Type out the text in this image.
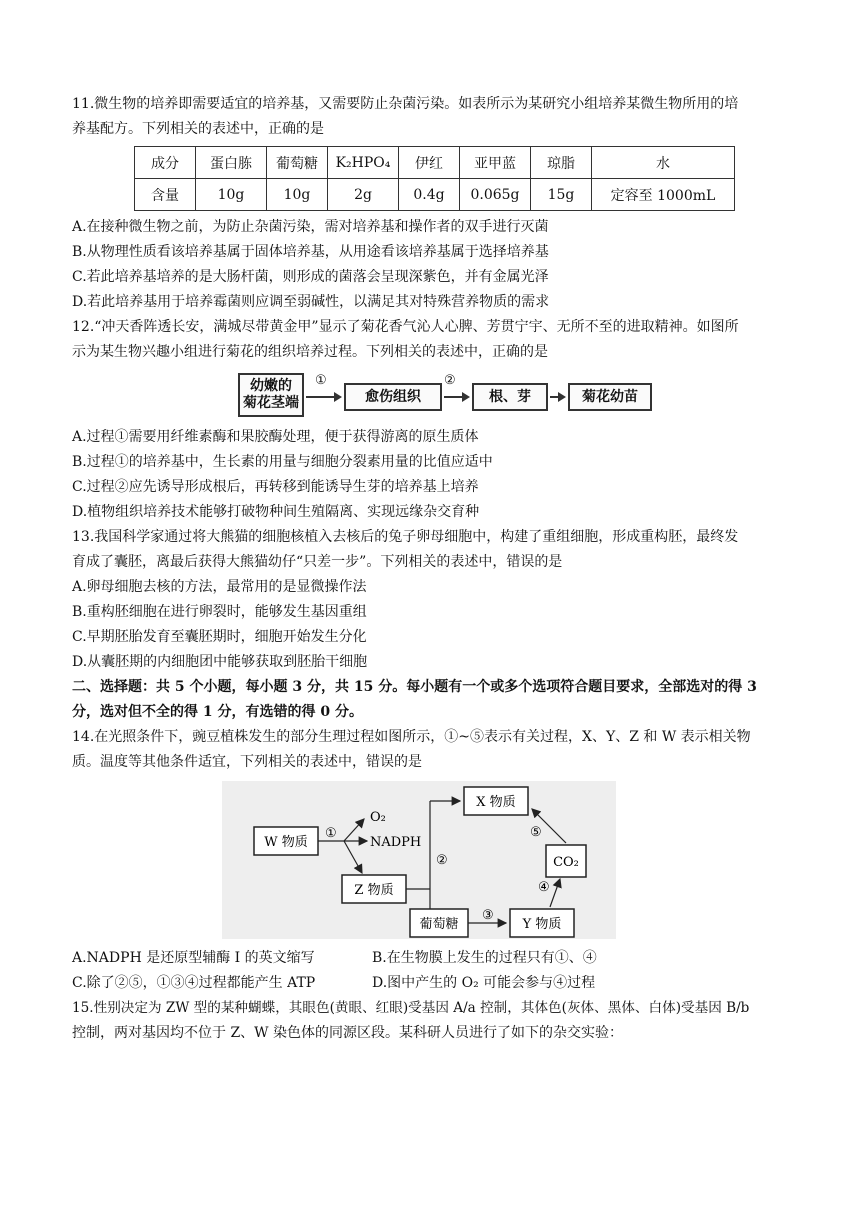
11.微生物的培养即需要适宜的培养基，又需要防止杂菌污染。如表所示为某研究小组培养某微生物所用的培

养基配方。下列相关的表述中，正确的是

成分	蛋白胨	葡萄糖	K₂HPO₄	伊红	亚甲蓝	琼脂	水
含量	10g	10g	2g	0.4g	0.065g	15g	定容至 1000mL

A.在接种微生物之前，为防止杂菌污染，需对培养基和操作者的双手进行灭菌

B.从物理性质看该培养基属于固体培养基，从用途看该培养基属于选择培养基

C.若此培养基培养的是大肠杆菌，则形成的菌落会呈现深紫色，并有金属光泽

D.若此培养基用于培养霉菌则应调至弱碱性，以满足其对特殊营养物质的需求

12.“冲天香阵透长安，满城尽带黄金甲”显示了菊花香气沁人心脾、芳贯宁宇、无所不至的进取精神。如图所

示为某生物兴趣小组进行菊花的组织培养过程。下列相关的表述中，正确的是

幼嫩的
菊花茎端
①
愈伤组织
②
根、芽	菊花幼苗

A.过程①需要用纤维素酶和果胶酶处理，便于获得游离的原生质体

B.过程①的培养基中，生长素的用量与细胞分裂素用量的比值应适中

C.过程②应先诱导形成根后，再转移到能诱导生芽的培养基上培养

D.植物组织培养技术能够打破物种间生殖隔离、实现远缘杂交育种

13.我国科学家通过将大熊猫的细胞核植入去核后的兔子卵母细胞中，构建了重组细胞，形成重构胚，最终发

育成了囊胚，离最后获得大熊猫幼仔“只差一步”。下列相关的表述中，错误的是

A.卵母细胞去核的方法，最常用的是显微操作法

B.重构胚细胞在进行卵裂时，能够发生基因重组

C.早期胚胎发育至囊胚期时，细胞开始发生分化

D.从囊胚期的内细胞团中能够获取到胚胎干细胞

二、选择题：共 5 个小题，每小题 3 分，共 15 分。每小题有一个或多个选项符合题目要求，全部选对的得 3

分，选对但不全的得 1 分，有选错的得 0 分。

14.在光照条件下，豌豆植株发生的部分生理过程如图所示，①~⑤表示有关过程，X、Y、Z 和 W 表示相关物

质。温度等其他条件适宜，下列相关的表述中，错误的是

W 物质
①
O₂
NADPH
Z 物质
②
X 物质
葡萄糖
③
Y 物质
CO₂
④
⑤
A.NADPH 是还原型辅酶 I 的英文缩写	B.在生物膜上发生的过程只有①、④
C.除了②⑤，①③④过程都能产生 ATP	D.图中产生的 O₂ 可能会参与④过程

15.性别决定为 ZW 型的某种蝴蝶，其眼色(黄眼、红眼)受基因 A/a 控制，其体色(灰体、黑体、白体)受基因 B/b

控制，两对基因均不位于 Z、W 染色体的同源区段。某科研人员进行了如下的杂交实验：
